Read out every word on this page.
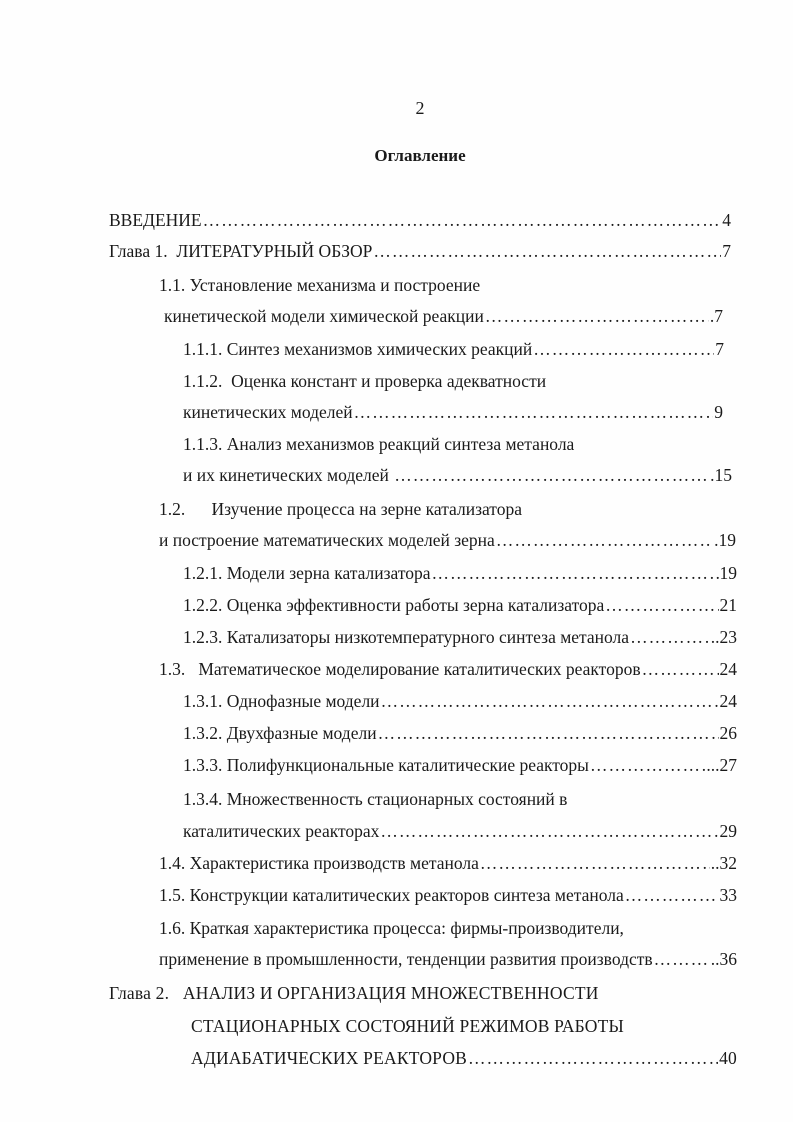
2
Оглавление
ВВЕДЕНИЕ …………………………………………………………………………………………………………………………………………………	4
Глава 1.  ЛИТЕРАТУРНЫЙ ОБЗОР …………………………………………………………………………………………………………………………………………………	7
1.1. Установление механизма и построение
кинетической модели химической реакции …………………………………………………………………………………………………………………………………………………	.7
1.1.1. Синтез механизмов химических реакций …………………………………………………………………………………………………………………………………………………	7
1.1.2.  Оценка констант и проверка адекватности
кинетических моделей …………………………………………………………………………………………………………………………………………………	9
1.1.3. Анализ механизмов реакций синтеза метанола
и их кинетических моделей …………………………………………………………………………………………………………………………………………………	.15
1.2.      Изучение процесса на зерне катализатора
и построение математических моделей зерна …………………………………………………………………………………………………………………………………………………	.19
1.2.1. Модели зерна катализатора …………………………………………………………………………………………………………………………………………………	19
1.2.2. Оценка эффективности работы зерна катализатора …………………………………………………………………………………………………………………………………………………	21
1.2.3. Катализаторы низкотемпературного синтеза метанола …………………………………………………………………………………………………………………………………………………	..23
1.3.   Математическое моделирование каталитических реакторов …………………………………………………………………………………………………………………………………………………	24
1.3.1. Однофазные модели …………………………………………………………………………………………………………………………………………………	24
1.3.2. Двухфазные модели …………………………………………………………………………………………………………………………………………………	26
1.3.3. Полифункциональные каталитические реакторы …………………………………………………………………………………………………………………………………………………	...27
1.3.4. Множественность стационарных состояний в
каталитических реакторах …………………………………………………………………………………………………………………………………………………	29
1.4. Характеристика производств метанола …………………………………………………………………………………………………………………………………………………	..32
1.5. Конструкции каталитических реакторов синтеза метанола …………………………………………………………………………………………………………………………………………………	33
1.6. Краткая характеристика процесса: фирмы-производители,
применение в промышленности, тенденции развития производств …………………………………………………………………………………………………………………………………………………	..36
Глава 2.   АНАЛИЗ И ОРГАНИЗАЦИЯ МНОЖЕСТВЕННОСТИ
СТАЦИОНАРНЫХ СОСТОЯНИЙ РЕЖИМОВ РАБОТЫ
АДИАБАТИЧЕСКИХ РЕАКТОРОВ …………………………………………………………………………………………………………………………………………………	40
